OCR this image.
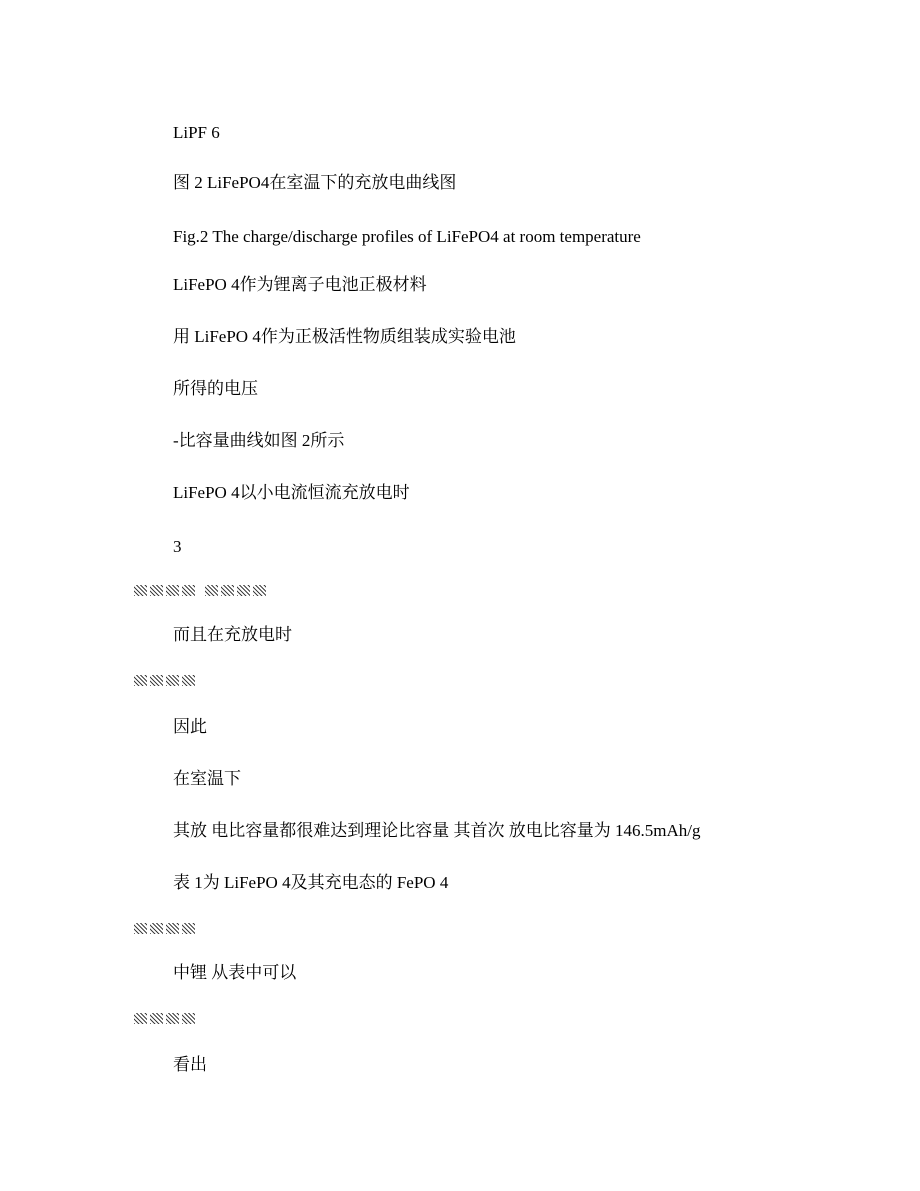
LiPF 6
图 2 LiFePO4在室温下的充放电曲线图
Fig.2 The charge/discharge profiles of LiFePO4 at room temperature
LiFePO 4作为锂离子电池正极材料
用 LiFePO 4作为正极活性物质组装成实验电池
所得的电压
-比容量曲线如图 2所示
LiFePO 4以小电流恒流充放电时
3
而且在充放电时
因此
在室温下
其放 电比容量都很难达到理论比容量 其首次 放电比容量为 146.5mAh/g
表 1为 LiFePO 4及其充电态的 FePO 4
中锂 从表中可以
看出
